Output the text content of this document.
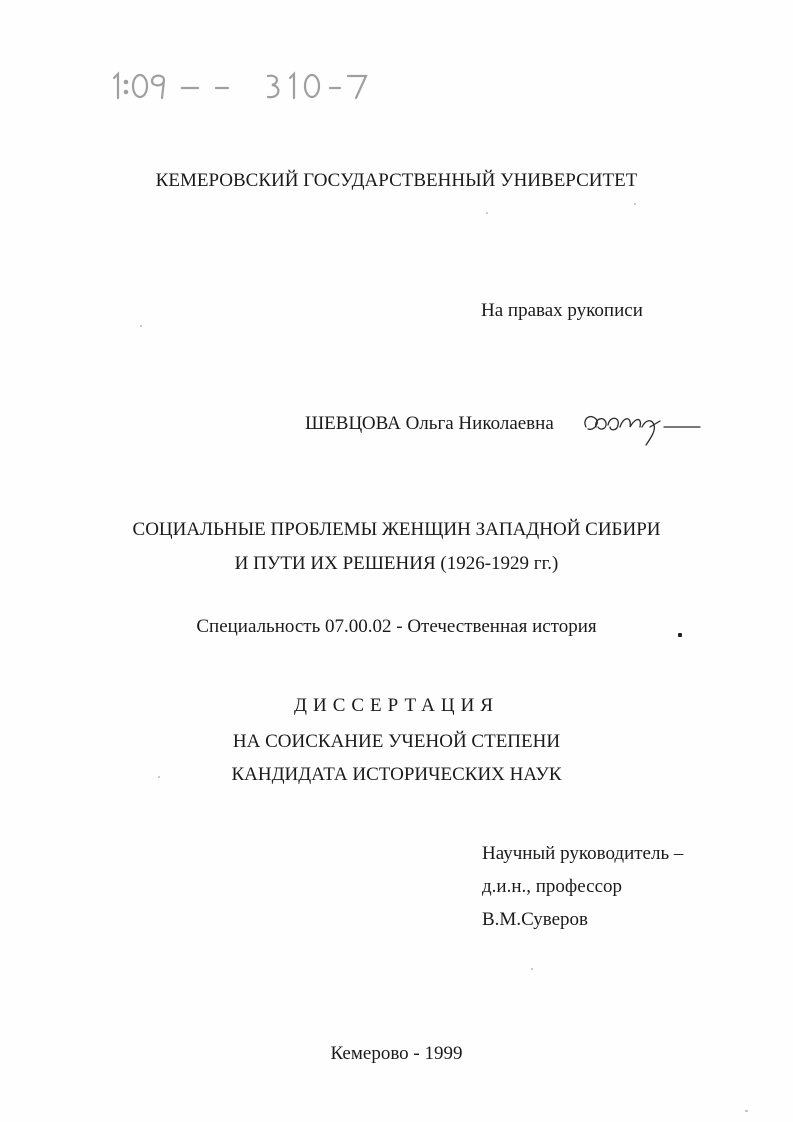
КЕМЕРОВСКИЙ ГОСУДАРСТВЕННЫЙ УНИВЕРСИТЕТ
На правах рукописи
ШЕВЦОВА Ольга Николаевна
СОЦИАЛЬНЫЕ ПРОБЛЕМЫ ЖЕНЩИН ЗАПАДНОЙ СИБИРИ
И ПУТИ ИХ РЕШЕНИЯ (1926-1929 гг.)
Специальность 07.00.02 - Отечественная история
ДИССЕРТАЦИЯ
НА СОИСКАНИЕ УЧЕНОЙ СТЕПЕНИ
КАНДИДАТА ИСТОРИЧЕСКИХ НАУК
Научный руководитель –
д.и.н., профессор
В.М.Суверов
Кемерово - 1999
